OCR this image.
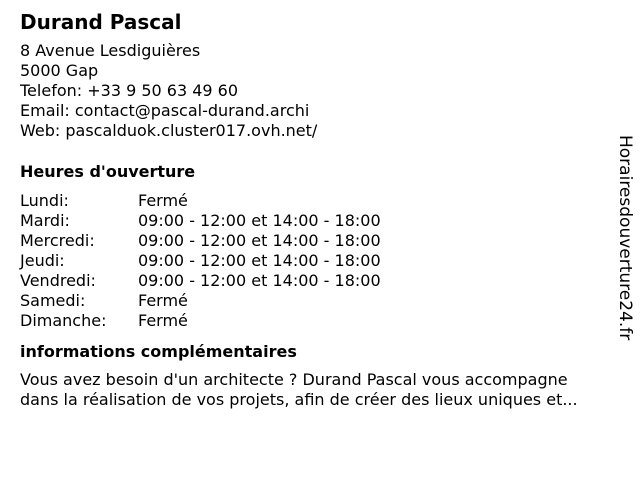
Durand Pascal
8 Avenue Lesdiguières
5000 Gap
Telefon: +33 9 50 63 49 60
Email: contact@pascal-durand.archi
Web: pascalduok.cluster017.ovh.net/
Heures d'ouverture
Lundi:	Fermé
Mardi:	09:00 - 12:00 et 14:00 - 18:00
Mercredi:	09:00 - 12:00 et 14:00 - 18:00
Jeudi:	09:00 - 12:00 et 14:00 - 18:00
Vendredi:	09:00 - 12:00 et 14:00 - 18:00
Samedi:	Fermé
Dimanche:	Fermé
informations complémentaires
Vous avez besoin d'un architecte ? Durand Pascal vous accompagne
dans la réalisation de vos projets, afin de créer des lieux uniques et...
Horairesdouverture24.fr
